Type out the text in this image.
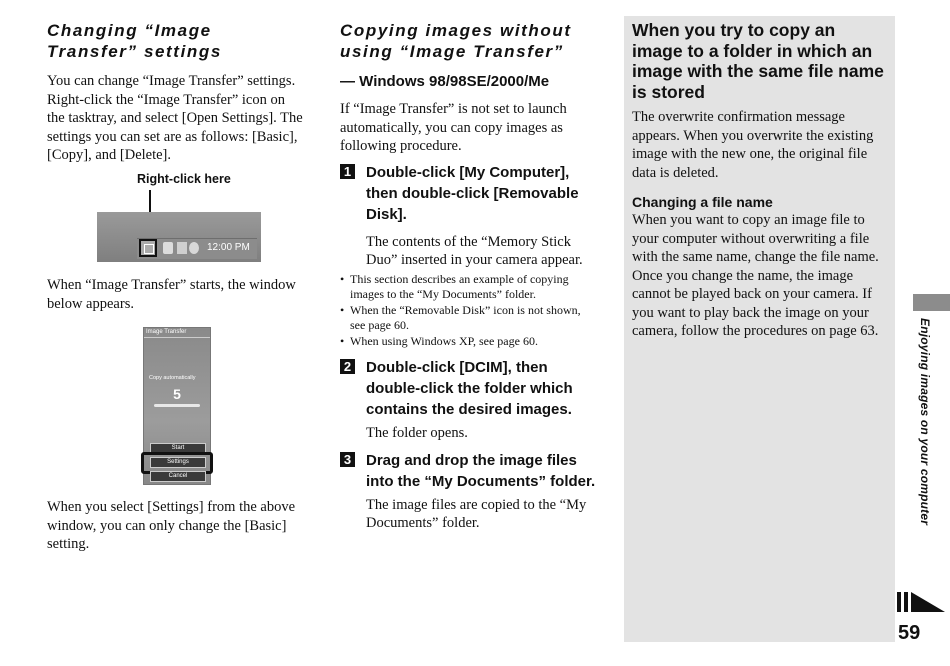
Changing “Image Transfer” settings

You can change “Image Transfer” settings. Right-click the “Image Transfer” icon on the tasktray, and select [Open Settings]. The settings you can set are as follows: [Basic], [Copy], and [Delete].

Right-click here
12:00 PM

When “Image Transfer” starts, the window below appears.

Image Transfer
Copy automatically
5
Start
Settings
Cancel

When you select [Settings] from the above window, you can only change the [Basic] setting.

Copying images without using “Image Transfer”
— Windows 98/98SE/2000/Me

If “Image Transfer” is not set to launch automatically, you can copy images as following procedure.

1 Double-click [My Computer], then double-click [Removable Disk].

The contents of the “Memory Stick Duo” inserted in your camera appear.

• This section describes an example of copying images to the “My Documents” folder.
• When the “Removable Disk” icon is not shown, see page 60.
• When using Windows XP, see page 60.
2 Double-click [DCIM], then double-click the folder which contains the desired images.

The folder opens.

3 Drag and drop the image files into the “My Documents” folder.

The image files are copied to the “My Documents” folder.

When you try to copy an image to a folder in which an image with the same file name is stored

The overwrite confirmation message appears. When you overwrite the existing image with the new one, the original file data is deleted.

Changing a file name

When you want to copy an image file to your computer without overwriting a file with the same name, change the file name. Once you change the name, the image cannot be played back on your camera. If you want to play back the image on your camera, follow the procedures on page 63.	Enjoying images on your computer
59
